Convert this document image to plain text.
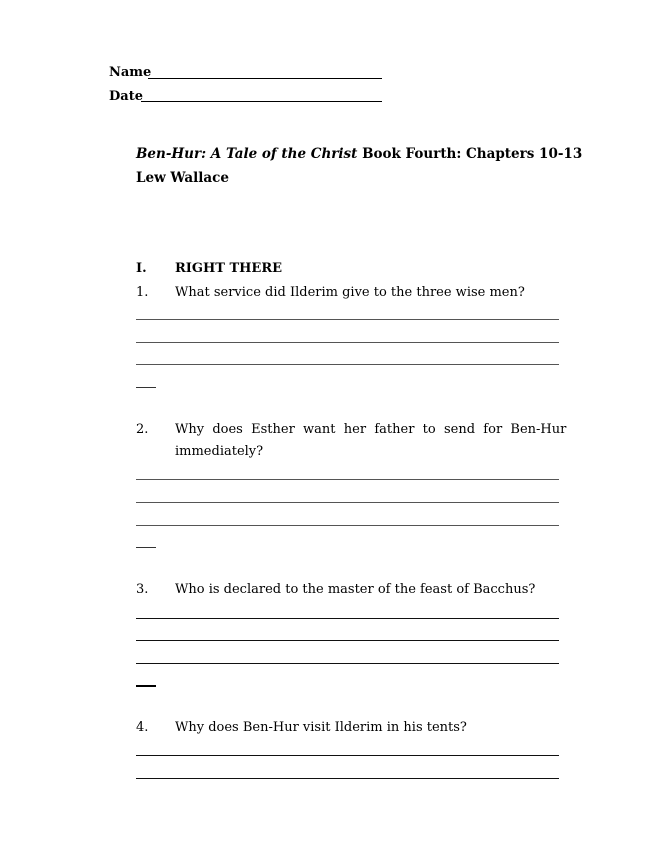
Name
Date
Ben-Hur: A Tale of the Christ Book Fourth: Chapters 10-13
Lew Wallace
I. RIGHT THERE
1. What service did Ilderim give to the three wise men?
2. Why  does  Esther  want  her  father  to  send  for  Ben-Hur
immediately?
3. Who is declared to the master of the feast of Bacchus?
4. Why does Ben-Hur visit Ilderim in his tents?
